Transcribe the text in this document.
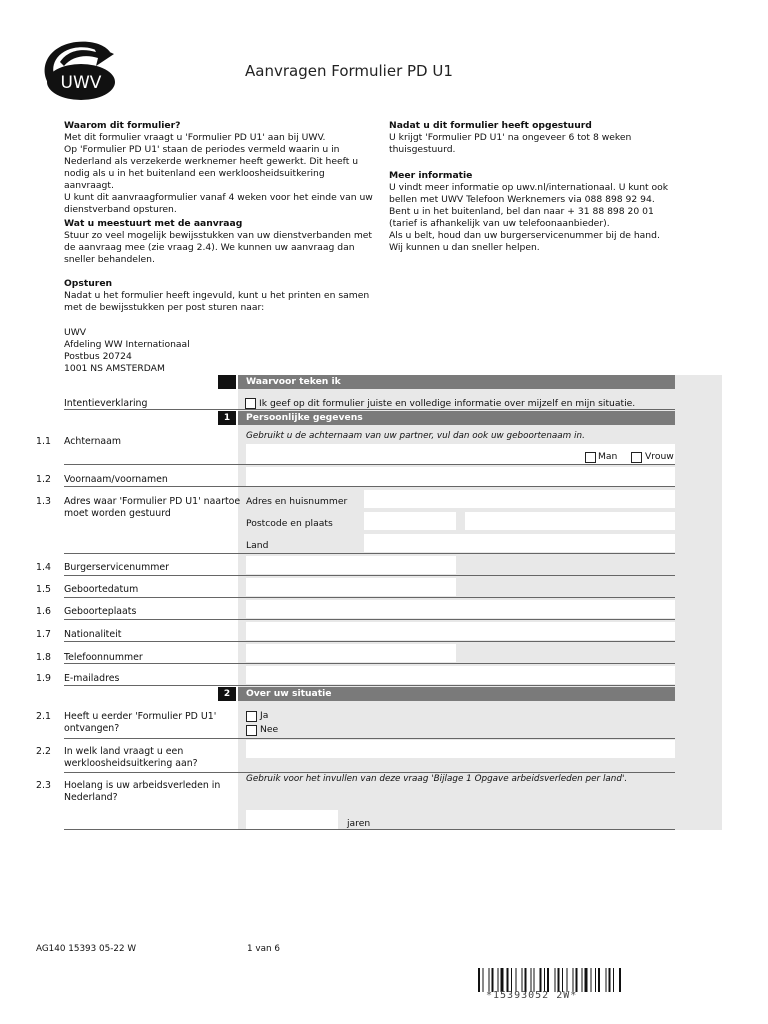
UWV
Aanvragen Formulier PD U1
Waarom dit formulier?

Met dit formulier vraagt u 'Formulier PD U1' aan bij UWV.
Op 'Formulier PD U1' staan de periodes vermeld waarin u in
Nederland als verzekerde werknemer heeft gewerkt. Dit heeft u
nodig als u in het buitenland een werkloosheidsuitkering aanvraagt.
U kunt dit aanvraagformulier vanaf 4 weken voor het einde van uw
dienstverband opsturen.

Wat u meestuurt met de aanvraag

Stuur zo veel mogelijk bewijsstukken van uw dienstverbanden met
de aanvraag mee (zie vraag 2.4). We kunnen uw aanvraag dan
sneller behandelen.

Opsturen

Nadat u het formulier heeft ingevuld, kunt u het printen en samen
met de bewijsstukken per post sturen naar:

UWV
Afdeling WW Internationaal
Postbus 20724
1001 NS AMSTERDAM

Nadat u dit formulier heeft opgestuurd

U krijgt 'Formulier PD U1' na ongeveer 6 tot 8 weken
thuisgestuurd.

Meer informatie

U vindt meer informatie op uwv.nl/internationaal. U kunt ook
bellen met UWV Telefoon Werknemers via 088 898 92 94.
Bent u in het buitenland, bel dan naar + 31 88 898 20 01
(tarief is afhankelijk van uw telefoonaanbieder).
Als u belt, houd dan uw burgerservicenummer bij de hand.
Wij kunnen u dan sneller helpen.

Waarvoor teken ik
Intentieverklaring	Ik geef op dit formulier juiste en volledige informatie over mijzelf en mijn situatie.
1	Persoonlijke gegevens
1.1 Achternaam	Gebruikt u de achternaam van uw partner, vul dan ook uw geboortenaam in.
Man	Vrouw
1.2 Voornaam/voornamen
1.3 Adres waar 'Formulier PD U1' naartoe
moet worden gestuurd
Adres en huisnummer
Postcode en plaats
Land
1.4 Burgerservicenummer
1.5 Geboortedatum
1.6 Geboorteplaats
1.7 Nationaliteit
1.8 Telefoonnummer
1.9 E-mailadres
2	Over uw situatie
2.1 Heeft u eerder 'Formulier PD U1'
ontvangen?
Ja
Nee
2.2 In welk land vraagt u een
werkloosheidsuitkering aan?
2.3 Hoelang is uw arbeidsverleden in
Nederland?
Gebruik voor het invullen van deze vraag 'Bijlage 1 Opgave arbeidsverleden per land'.
jaren
AG140 15393 05-22 W	1 van 6
*15393052 2W*
